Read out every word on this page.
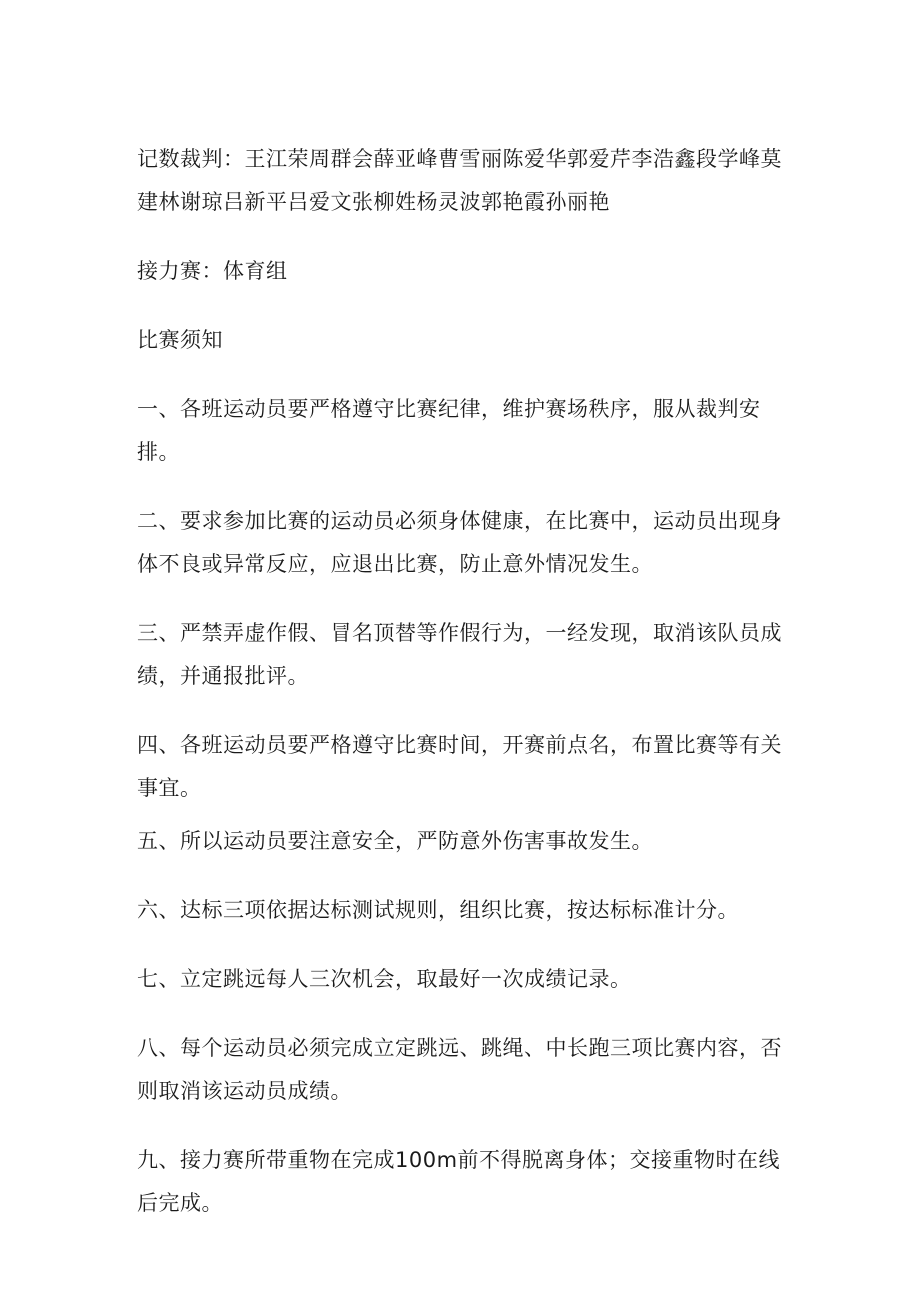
记数裁判：王江荣周群会薛亚峰曹雪丽陈爱华郭爱芹李浩鑫段学峰莫建林谢琼吕新平吕爱文张柳姓杨灵波郭艳霞孙丽艳

接力赛：体育组

比赛须知

一、各班运动员要严格遵守比赛纪律，维护赛场秩序，服从裁判安排。

二、要求参加比赛的运动员必须身体健康，在比赛中，运动员出现身体不良或异常反应，应退出比赛，防止意外情况发生。

三、严禁弄虚作假、冒名顶替等作假行为，一经发现，取消该队员成绩，并通报批评。

四、各班运动员要严格遵守比赛时间，开赛前点名，布置比赛等有关事宜。

五、所以运动员要注意安全，严防意外伤害事故发生。

六、达标三项依据达标测试规则，组织比赛，按达标标准计分。

七、立定跳远每人三次机会，取最好一次成绩记录。

八、每个运动员必须完成立定跳远、跳绳、中长跑三项比赛内容，否则取消该运动员成绩。

九、接力赛所带重物在完成100m前不得脱离身体；交接重物时在线后完成。
